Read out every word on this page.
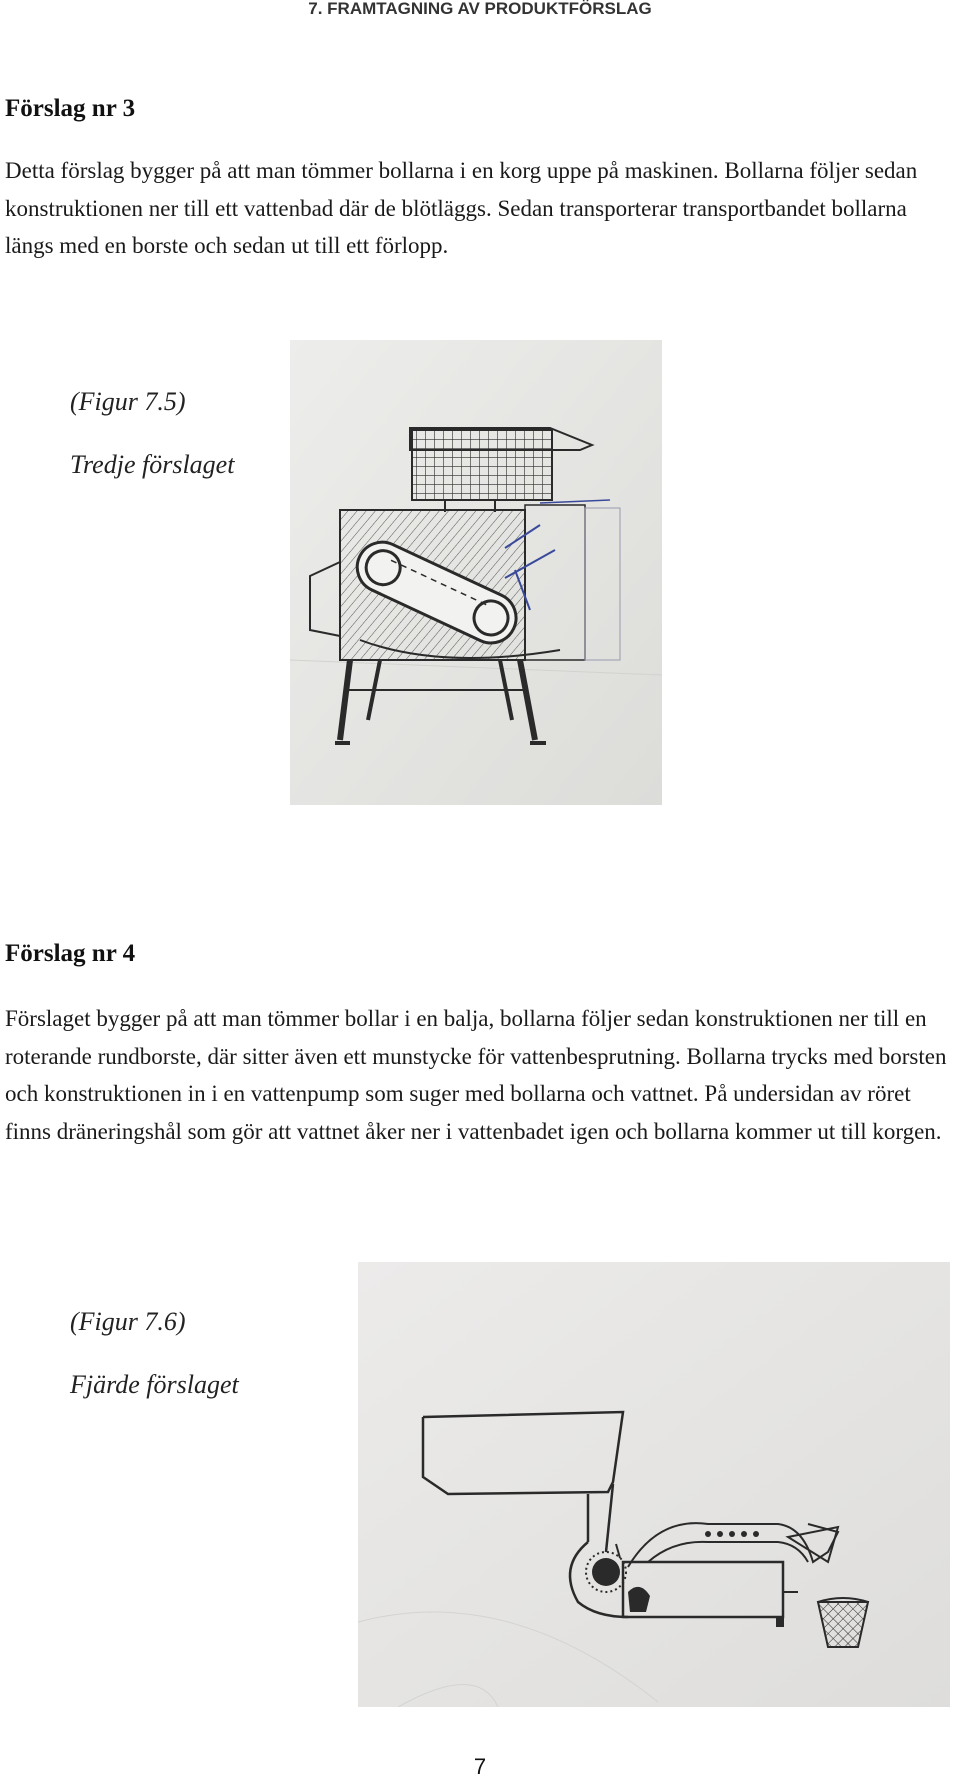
7. FRAMTAGNING AV PRODUKTFÖRSLAG
Förslag nr 3

Detta förslag bygger på att man tömmer bollarna i en korg uppe på maskinen. Bollarna följer sedan konstruktionen ner till ett vattenbad där de blötläggs. Sedan transporterar transportbandet bollarna längs med en borste och sedan ut till ett förlopp.

(Figur 7.5)
Tredje förslaget
Förslag nr 4

Förslaget bygger på att man tömmer bollar i en balja, bollarna följer sedan konstruktionen ner till en roterande rundborste, där sitter även ett munstycke för vattenbesprutning. Bollarna trycks med borsten och konstruktionen in i en vattenpump som suger med bollarna och vattnet. På undersidan av röret finns dräneringshål som gör att vattnet åker ner i vattenbadet igen och bollarna kommer ut till korgen.

(Figur 7.6)
Fjärde förslaget
7
